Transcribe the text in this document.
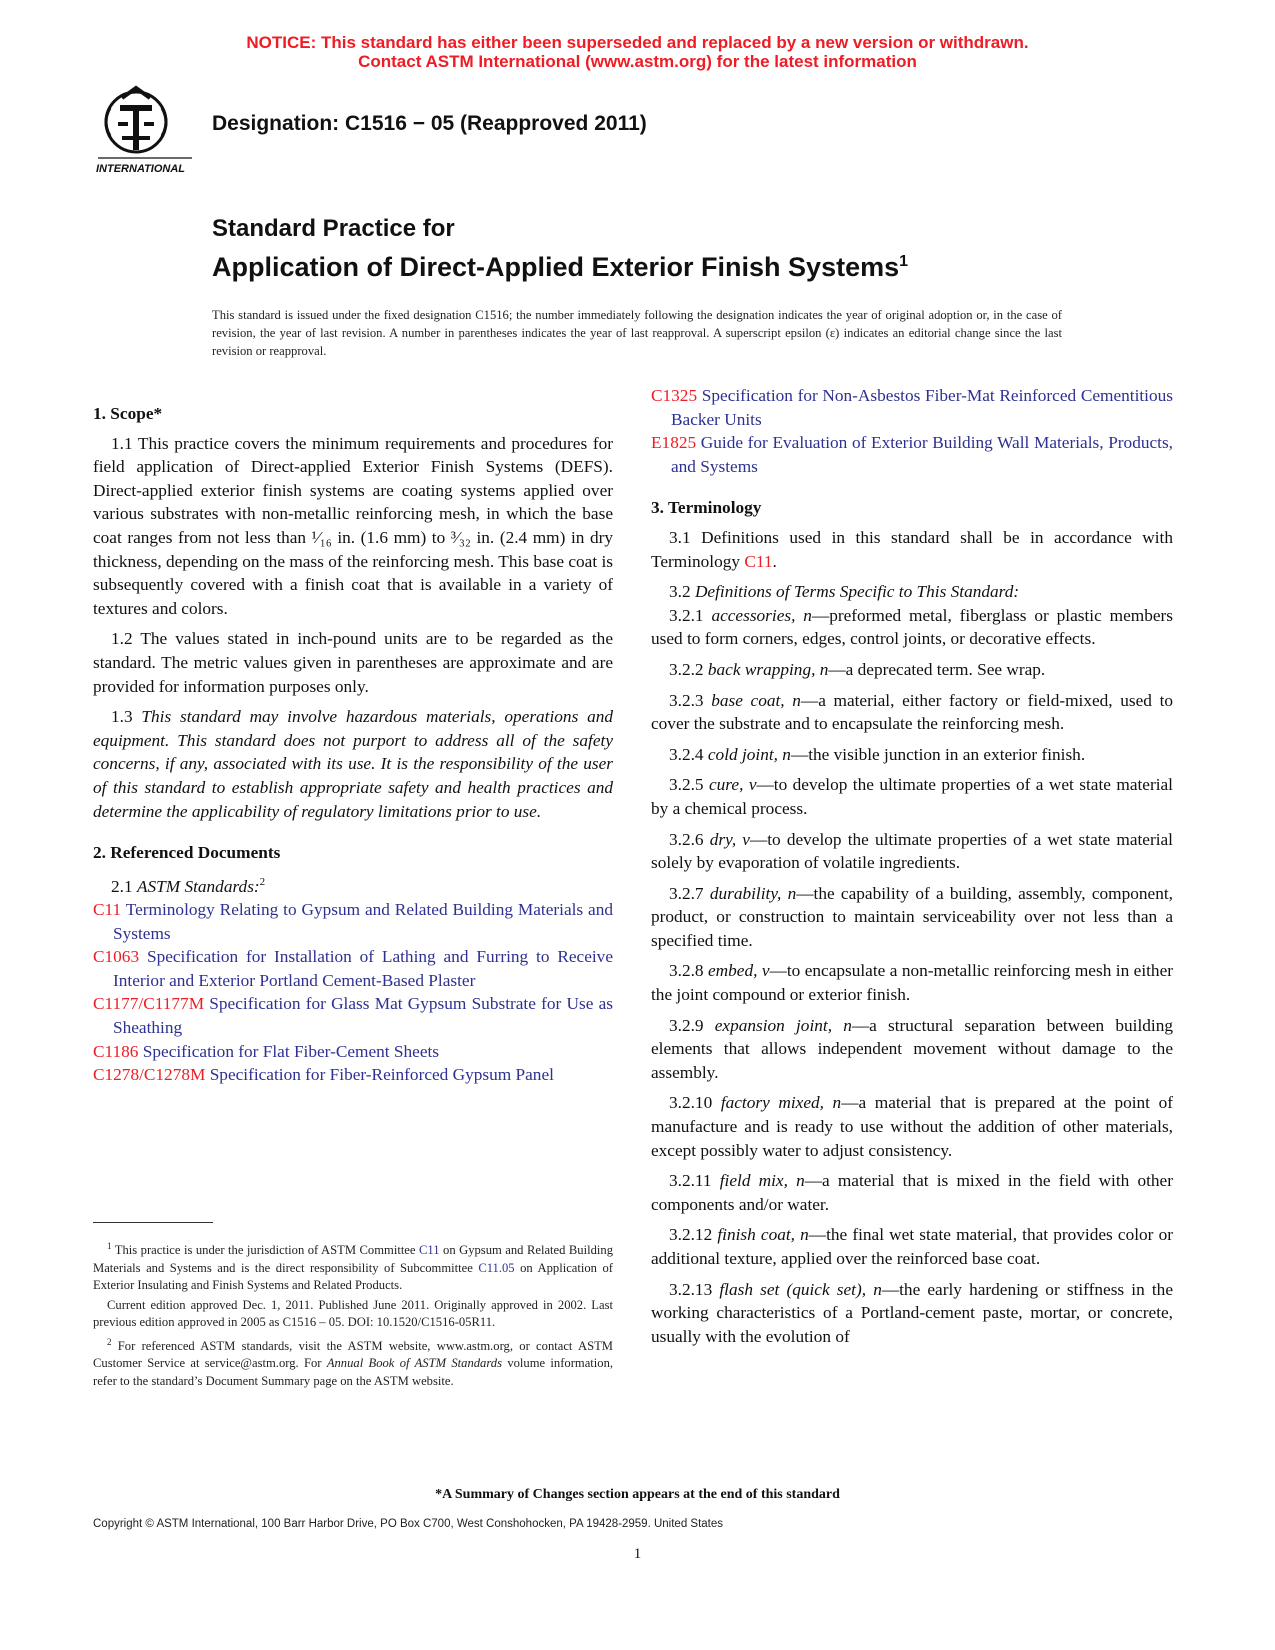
NOTICE: This standard has either been superseded and replaced by a new version or withdrawn.
Contact ASTM International (www.astm.org) for the latest information
INTERNATIONAL
Designation: C1516 − 05 (Reapproved 2011)
Standard Practice for
Application of Direct-Applied Exterior Finish Systems$^1$
This standard is issued under the fixed designation C1516; the number immediately following the designation indicates the year of original adoption or, in the case of revision, the year of last revision. A number in parentheses indicates the year of last reapproval. A superscript epsilon (ε) indicates an editorial change since the last revision or reapproval.
1. Scope*

1.1 This practice covers the minimum requirements and procedures for field application of Direct-applied Exterior Finish Systems (DEFS). Direct-applied exterior finish systems are coating systems applied over various substrates with non-metallic reinforcing mesh, in which the base coat ranges from not less than ¹⁄₁₆ in. (1.6 mm) to ³⁄₃₂ in. (2.4 mm) in dry thickness, depending on the mass of the reinforcing mesh. This base coat is subsequently covered with a finish coat that is available in a variety of textures and colors.

1.2 The values stated in inch-pound units are to be regarded as the standard. The metric values given in parentheses are approximate and are provided for information purposes only.

1.3 This standard may involve hazardous materials, operations and equipment. This standard does not purport to address all of the safety concerns, if any, associated with its use. It is the responsibility of the user of this standard to establish appropriate safety and health practices and determine the applicability of regulatory limitations prior to use.

2. Referenced Documents

2.1 ASTM Standards:$^2$

C11 Terminology Relating to Gypsum and Related Building Materials and Systems
C1063 Specification for Installation of Lathing and Furring to Receive Interior and Exterior Portland Cement-Based Plaster
C1177/C1177M Specification for Glass Mat Gypsum Substrate for Use as Sheathing
C1186 Specification for Flat Fiber-Cement Sheets
C1278/C1278M Specification for Fiber-Reinforced Gypsum Panel
C1325 Specification for Non-Asbestos Fiber-Mat Reinforced Cementitious Backer Units
E1825 Guide for Evaluation of Exterior Building Wall Materials, Products, and Systems
3. Terminology

3.1 Definitions used in this standard shall be in accordance with Terminology C11.

3.2 Definitions of Terms Specific to This Standard:

3.2.1 accessories, n—preformed metal, fiberglass or plastic members used to form corners, edges, control joints, or decorative effects.

3.2.2 back wrapping, n—a deprecated term. See wrap.

3.2.3 base coat, n—a material, either factory or field-mixed, used to cover the substrate and to encapsulate the reinforcing mesh.

3.2.4 cold joint, n—the visible junction in an exterior finish.

3.2.5 cure, v—to develop the ultimate properties of a wet state material by a chemical process.

3.2.6 dry, v—to develop the ultimate properties of a wet state material solely by evaporation of volatile ingredients.

3.2.7 durability, n—the capability of a building, assembly, component, product, or construction to maintain serviceability over not less than a specified time.

3.2.8 embed, v—to encapsulate a non-metallic reinforcing mesh in either the joint compound or exterior finish.

3.2.9 expansion joint, n—a structural separation between building elements that allows independent movement without damage to the assembly.

3.2.10 factory mixed, n—a material that is prepared at the point of manufacture and is ready to use without the addition of other materials, except possibly water to adjust consistency.

3.2.11 field mix, n—a material that is mixed in the field with other components and/or water.

3.2.12 finish coat, n—the final wet state material, that provides color or additional texture, applied over the reinforced base coat.

3.2.13 flash set (quick set), n—the early hardening or stiffness in the working characteristics of a Portland-cement paste, mortar, or concrete, usually with the evolution of

$^1$ This practice is under the jurisdiction of ASTM Committee C11 on Gypsum and Related Building Materials and Systems and is the direct responsibility of Subcommittee C11.05 on Application of Exterior Insulating and Finish Systems and Related Products.

Current edition approved Dec. 1, 2011. Published June 2011. Originally approved in 2002. Last previous edition approved in 2005 as C1516 – 05. DOI: 10.1520/C1516-05R11.

$^2$ For referenced ASTM standards, visit the ASTM website, www.astm.org, or contact ASTM Customer Service at service@astm.org. For Annual Book of ASTM Standards volume information, refer to the standard’s Document Summary page on the ASTM website.

*A Summary of Changes section appears at the end of this standard
Copyright © ASTM International, 100 Barr Harbor Drive, PO Box C700, West Conshohocken, PA 19428-2959. United States
1
